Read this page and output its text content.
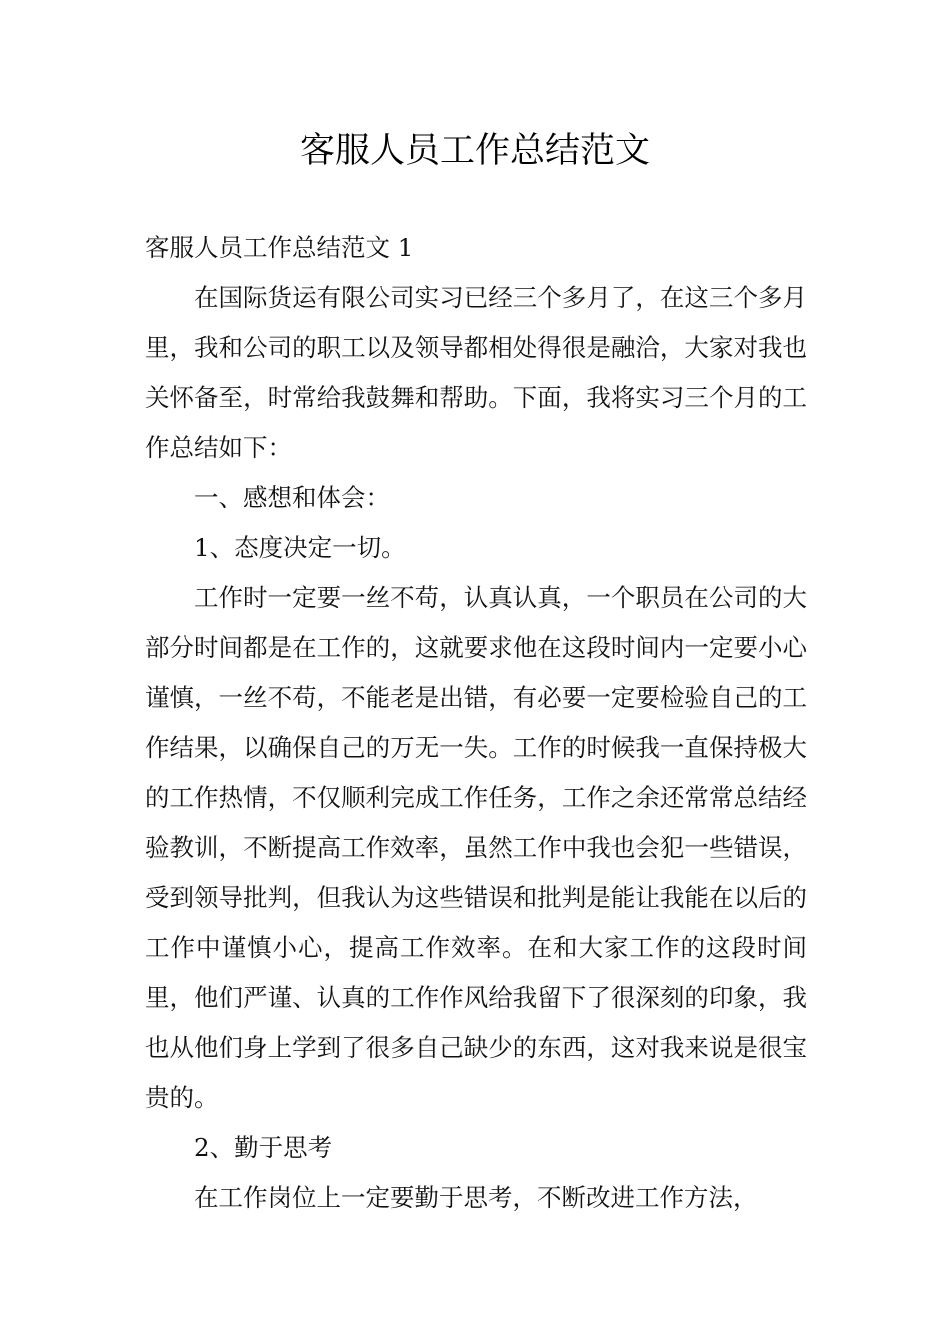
客服人员工作总结范文

客服人员工作总结范文 1

在国际货运有限公司实习已经三个多月了，在这三个多月里，我和公司的职工以及领导都相处得很是融洽，大家对我也关怀备至，时常给我鼓舞和帮助。下面，我将实习三个月的工作总结如下：

一、感想和体会：

1、态度决定一切。

工作时一定要一丝不苟，认真认真，一个职员在公司的大部分时间都是在工作的，这就要求他在这段时间内一定要小心谨慎，一丝不苟，不能老是出错，有必要一定要检验自己的工作结果，以确保自己的万无一失。工作的时候我一直保持极大的工作热情，不仅顺利完成工作任务，工作之余还常常总结经验教训，不断提高工作效率，虽然工作中我也会犯一些错误，受到领导批判，但我认为这些错误和批判是能让我能在以后的工作中谨慎小心，提高工作效率。在和大家工作的这段时间里，他们严谨、认真的工作作风给我留下了很深刻的印象，我也从他们身上学到了很多自己缺少的东西，这对我来说是很宝贵的。

2、勤于思考

在工作岗位上一定要勤于思考，不断改进工作方法，
